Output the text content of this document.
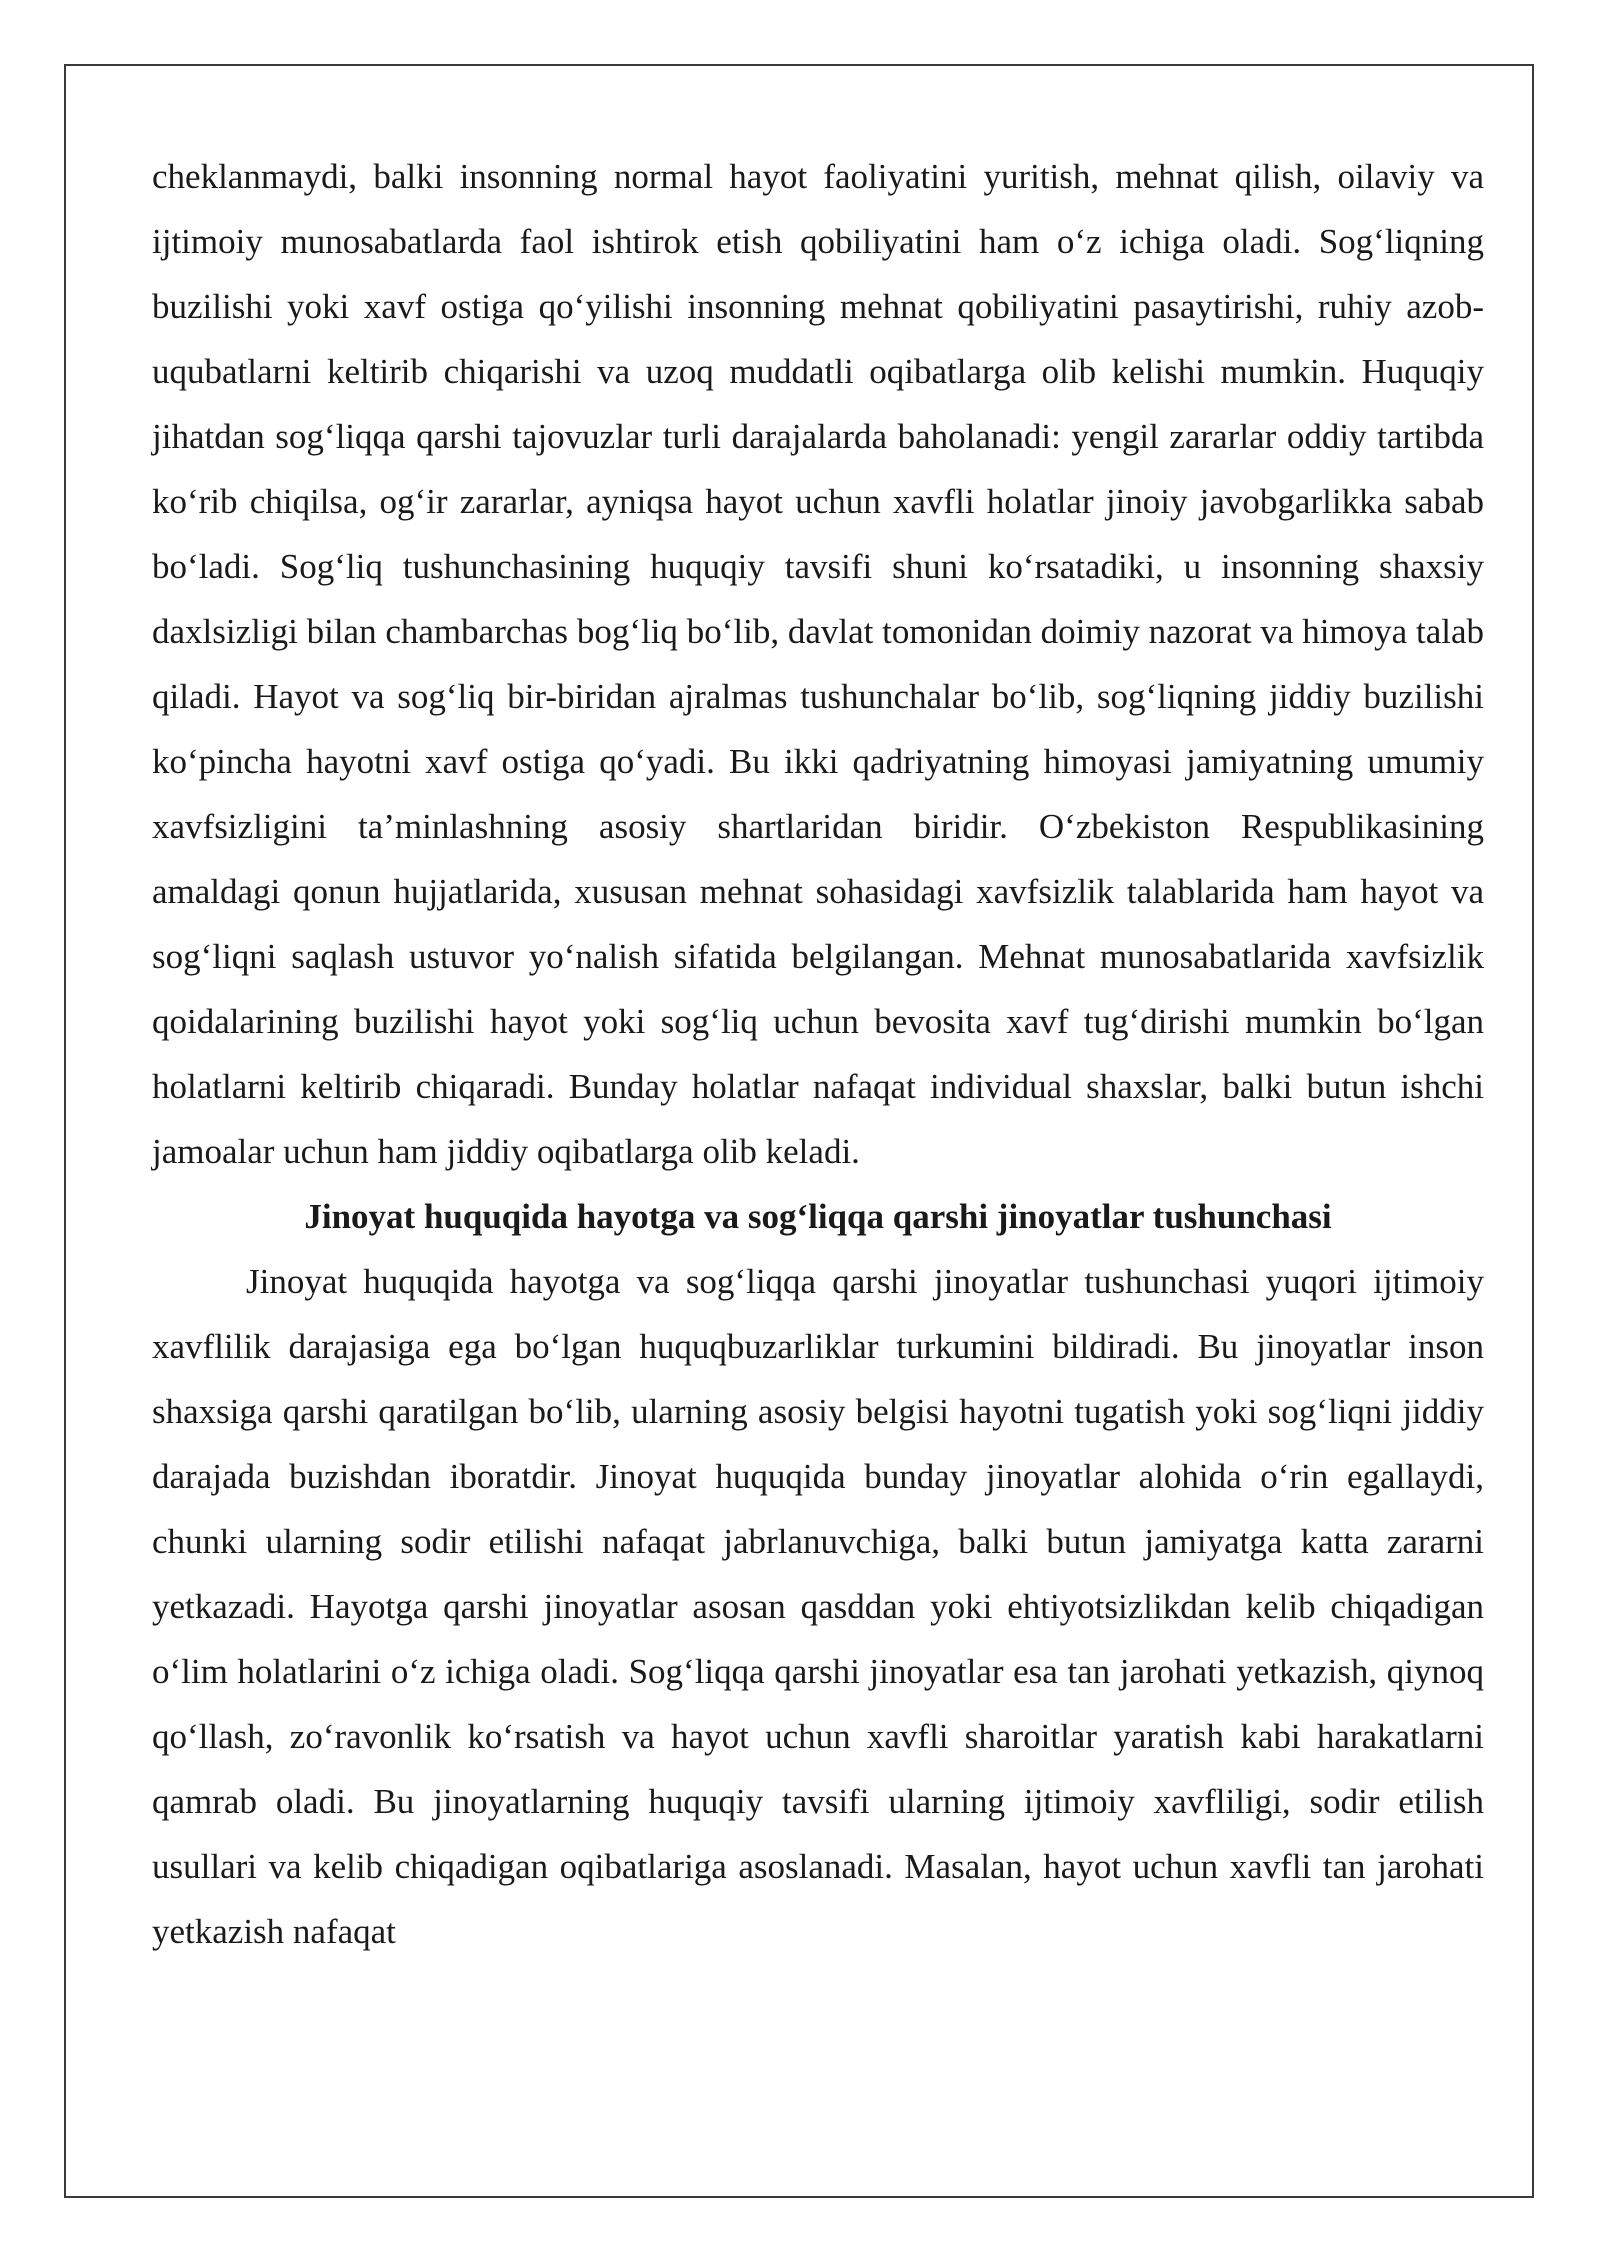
cheklanmaydi, balki insonning normal hayot faoliyatini yuritish, mehnat qilish, oilaviy va ijtimoiy munosabatlarda faol ishtirok etish qobiliyatini ham o‘z ichiga oladi. Sog‘liqning buzilishi yoki xavf ostiga qo‘yilishi insonning mehnat qobiliyatini pasaytirishi, ruhiy azob-uqubatlarni keltirib chiqarishi va uzoq muddatli oqibatlarga olib kelishi mumkin. Huquqiy jihatdan sog‘liqqa qarshi tajovuzlar turli darajalarda baholanadi: yengil zararlar oddiy tartibda ko‘rib chiqilsa, og‘ir zararlar, ayniqsa hayot uchun xavfli holatlar jinoiy javobgarlikka sabab bo‘ladi. Sog‘liq tushunchasining huquqiy tavsifi shuni ko‘rsatadiki, u insonning shaxsiy daxlsizligi bilan chambarchas bog‘liq bo‘lib, davlat tomonidan doimiy nazorat va himoya talab qiladi. Hayot va sog‘liq bir-biridan ajralmas tushunchalar bo‘lib, sog‘liqning jiddiy buzilishi ko‘pincha hayotni xavf ostiga qo‘yadi. Bu ikki qadriyatning himoyasi jamiyatning umumiy xavfsizligini ta’minlashning asosiy shartlaridan biridir. O‘zbekiston Respublikasining amaldagi qonun hujjatlarida, xususan mehnat sohasidagi xavfsizlik talablarida ham hayot va sog‘liqni saqlash ustuvor yo‘nalish sifatida belgilangan. Mehnat munosabatlarida xavfsizlik qoidalarining buzilishi hayot yoki sog‘liq uchun bevosita xavf tug‘dirishi mumkin bo‘lgan holatlarni keltirib chiqaradi. Bunday holatlar nafaqat individual shaxslar, balki butun ishchi jamoalar uchun ham jiddiy oqibatlarga olib keladi.

Jinoyat huquqida hayotga va sog‘liqqa qarshi jinoyatlar tushunchasi

Jinoyat huquqida hayotga va sog‘liqqa qarshi jinoyatlar tushunchasi yuqori ijtimoiy xavflilik darajasiga ega bo‘lgan huquqbuzarliklar turkumini bildiradi. Bu jinoyatlar inson shaxsiga qarshi qaratilgan bo‘lib, ularning asosiy belgisi hayotni tugatish yoki sog‘liqni jiddiy darajada buzishdan iboratdir. Jinoyat huquqida bunday jinoyatlar alohida o‘rin egallaydi, chunki ularning sodir etilishi nafaqat jabrlanuvchiga, balki butun jamiyatga katta zararni yetkazadi. Hayotga qarshi jinoyatlar asosan qasddan yoki ehtiyotsizlikdan kelib chiqadigan o‘lim holatlarini o‘z ichiga oladi. Sog‘liqqa qarshi jinoyatlar esa tan jarohati yetkazish, qiynoq qo‘llash, zo‘ravonlik ko‘rsatish va hayot uchun xavfli sharoitlar yaratish kabi harakatlarni qamrab oladi. Bu jinoyatlarning huquqiy tavsifi ularning ijtimoiy xavfliligi, sodir etilish usullari va kelib chiqadigan oqibatlariga asoslanadi. Masalan, hayot uchun xavfli tan jarohati yetkazish nafaqat
